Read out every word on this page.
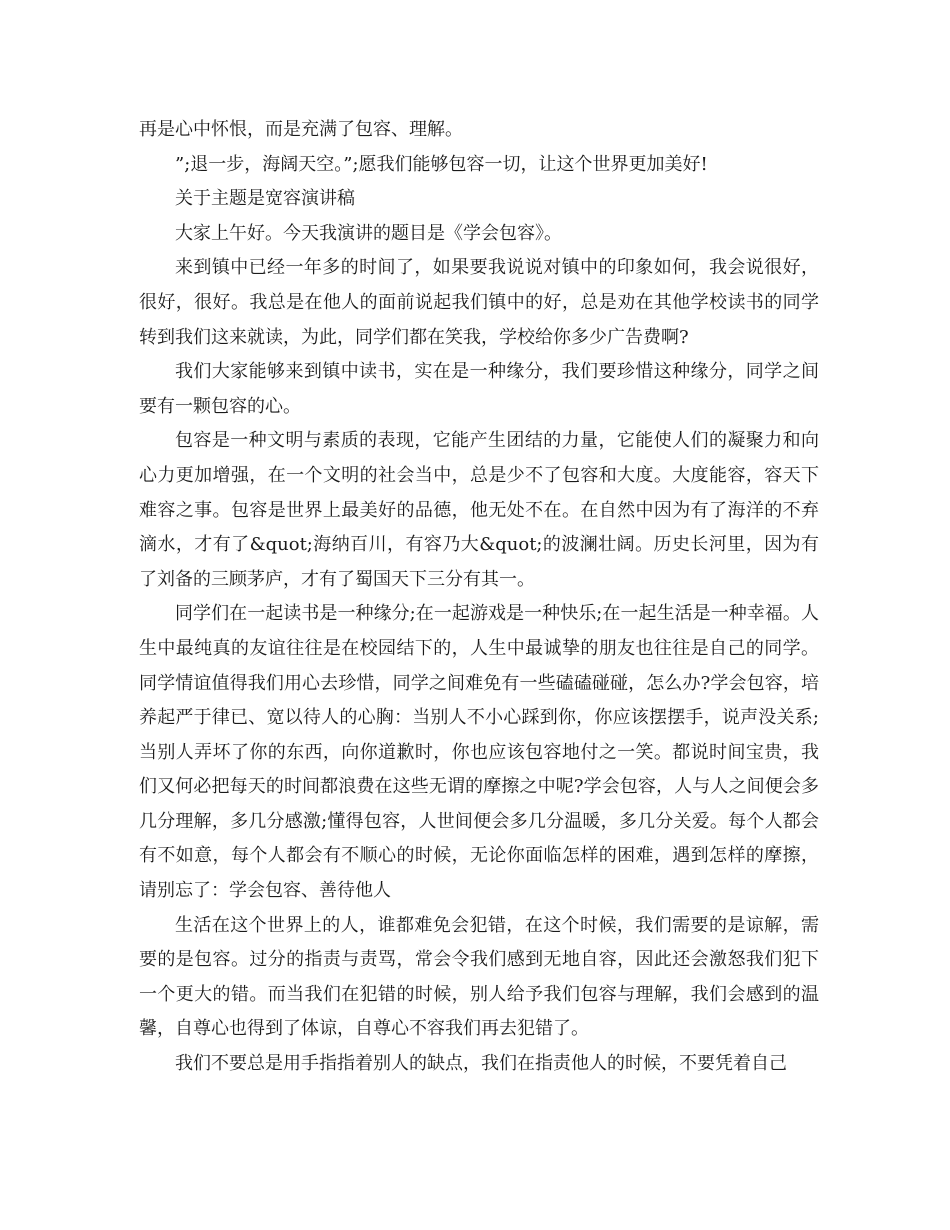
再是心中怀恨，而是充满了包容、理解。

”;退一步，海阔天空。”;愿我们能够包容一切，让这个世界更加美好!

关于主题是宽容演讲稿

大家上午好。今天我演讲的题目是《学会包容》。

来到镇中已经一年多的时间了，如果要我说说对镇中的印象如何，我会说很好，很好，很好。我总是在他人的面前说起我们镇中的好，总是劝在其他学校读书的同学转到我们这来就读，为此，同学们都在笑我，学校给你多少广告费啊?

我们大家能够来到镇中读书，实在是一种缘分，我们要珍惜这种缘分，同学之间要有一颗包容的心。

包容是一种文明与素质的表现，它能产生团结的力量，它能使人们的凝聚力和向心力更加增强，在一个文明的社会当中，总是少不了包容和大度。大度能容，容天下难容之事。包容是世界上最美好的品德，他无处不在。在自然中因为有了海洋的不弃滴水，才有了&quot;海纳百川，有容乃大&quot;的波澜壮阔。历史长河里，因为有了刘备的三顾茅庐，才有了蜀国天下三分有其一。

同学们在一起读书是一种缘分;在一起游戏是一种快乐;在一起生活是一种幸福。人生中最纯真的友谊往往是在校园结下的，人生中最诚挚的朋友也往往是自己的同学。同学情谊值得我们用心去珍惜，同学之间难免有一些磕磕碰碰，怎么办?学会包容，培养起严于律已、宽以待人的心胸：当别人不小心踩到你，你应该摆摆手，说声没关系;当别人弄坏了你的东西，向你道歉时，你也应该包容地付之一笑。都说时间宝贵，我们又何必把每天的时间都浪费在这些无谓的摩擦之中呢?学会包容，人与人之间便会多几分理解，多几分感激;懂得包容，人世间便会多几分温暖，多几分关爱。每个人都会有不如意，每个人都会有不顺心的时候，无论你面临怎样的困难，遇到怎样的摩擦，请别忘了：学会包容、善待他人

生活在这个世界上的人，谁都难免会犯错，在这个时候，我们需要的是谅解，需要的是包容。过分的指责与责骂，常会令我们感到无地自容，因此还会激怒我们犯下一个更大的错。而当我们在犯错的时候，别人给予我们包容与理解，我们会感到的温馨，自尊心也得到了体谅，自尊心不容我们再去犯错了。

我们不要总是用手指指着别人的缺点，我们在指责他人的时候，不要凭着自己
